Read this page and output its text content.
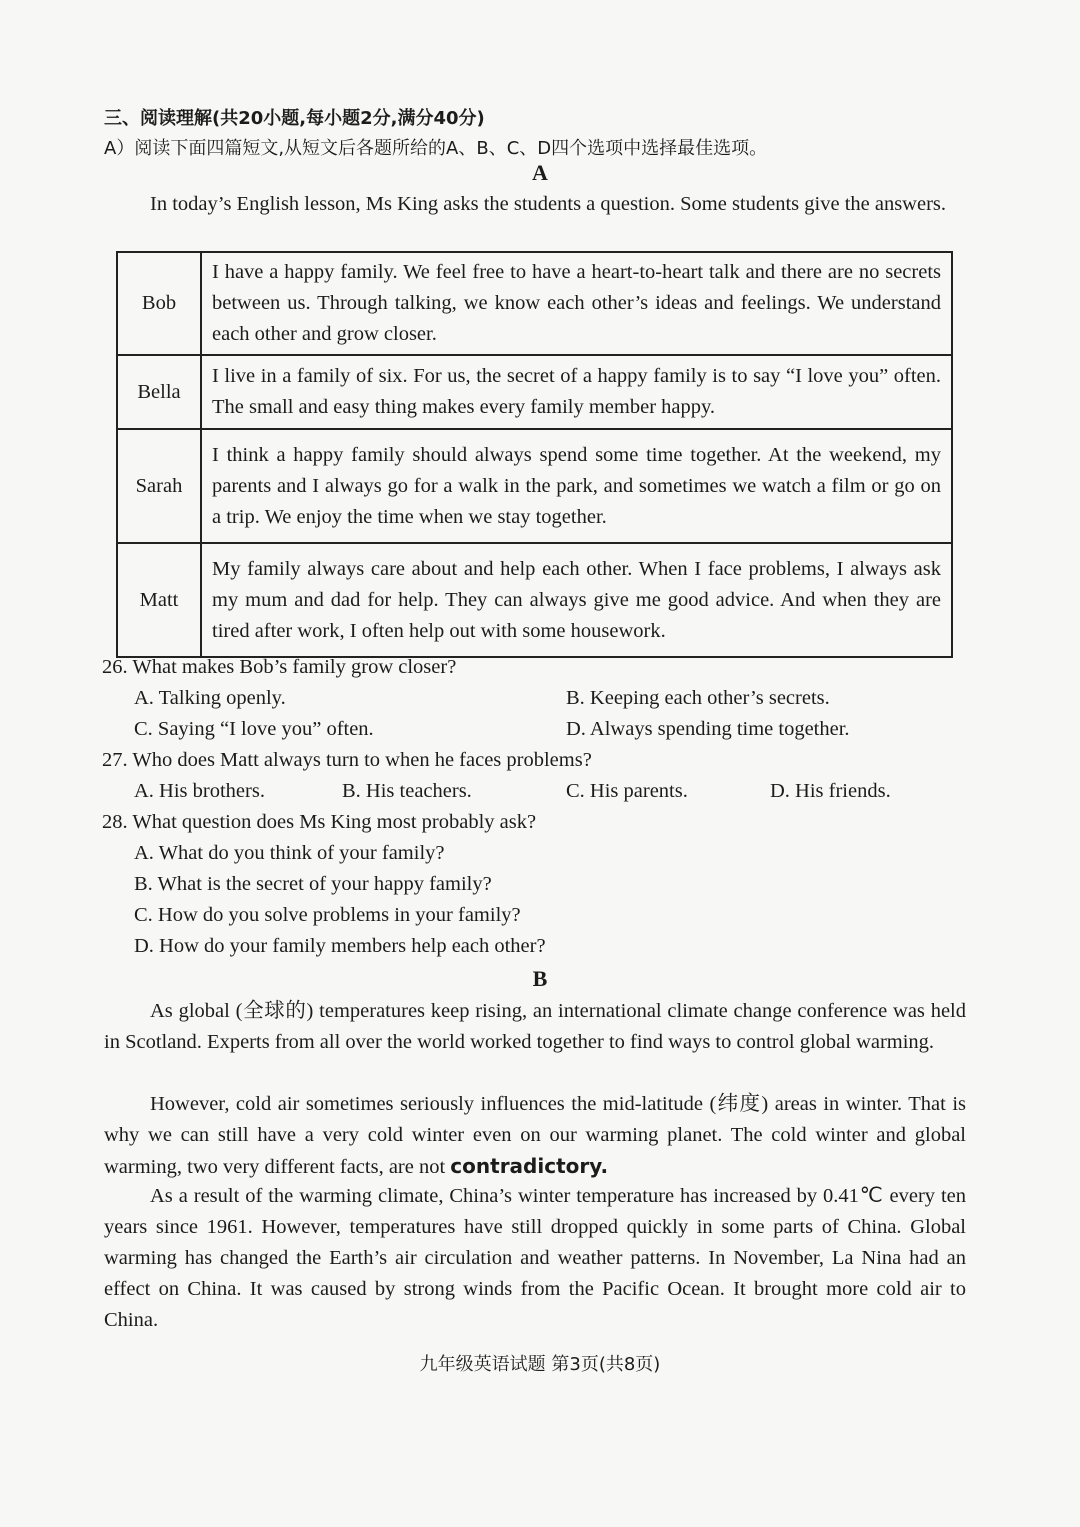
三、阅读理解(共20小题,每小题2分,满分40分)
A）阅读下面四篇短文,从短文后各题所给的A、B、C、D四个选项中选择最佳选项。
A
In today’s English lesson, Ms King asks the students a question. Some students give the answers.
Bob	I have a happy family. We feel free to have a heart-to-heart talk and there are no secrets between us. Through talking, we know each other’s ideas and feelings. We understand each other and grow closer.
Bella	I live in a family of six. For us, the secret of a happy family is to say “I love you” often. The small and easy thing makes every family member happy.
Sarah	I think a happy family should always spend some time together. At the weekend, my parents and I always go for a walk in the park, and sometimes we watch a film or go on a trip. We enjoy the time when we stay together.
Matt	My family always care about and help each other. When I face problems, I always ask my mum and dad for help. They can always give me good advice. And when they are tired after work, I often help out with some housework.
26. What makes Bob’s family grow closer?
A. Talking openly.	B. Keeping each other’s secrets.
C. Saying “I love you” often.	D. Always spending time together.
27. Who does Matt always turn to when he faces problems?
A. His brothers.	B. His teachers.	C. His parents.	D. His friends.
28. What question does Ms King most probably ask?
A. What do you think of your family?
B. What is the secret of your happy family?
C. How do you solve problems in your family?
D. How do your family members help each other?
B
As global (全球的) temperatures keep rising, an international climate change conference was held in Scotland. Experts from all over the world worked together to find ways to control global warming.
However, cold air sometimes seriously influences the mid-latitude (纬度) areas in winter. That is why we can still have a very cold winter even on our warming planet. The cold winter and global warming, two very different facts, are not contradictory.
As a result of the warming climate, China’s winter temperature has increased by 0.41℃ every ten years since 1961. However, temperatures have still dropped quickly in some parts of China. Global warming has changed the Earth’s air circulation and weather patterns. In November, La Nina had an effect on China. It was caused by strong winds from the Pacific Ocean. It brought more cold air to China.
九年级英语试题 第3页(共8页)
